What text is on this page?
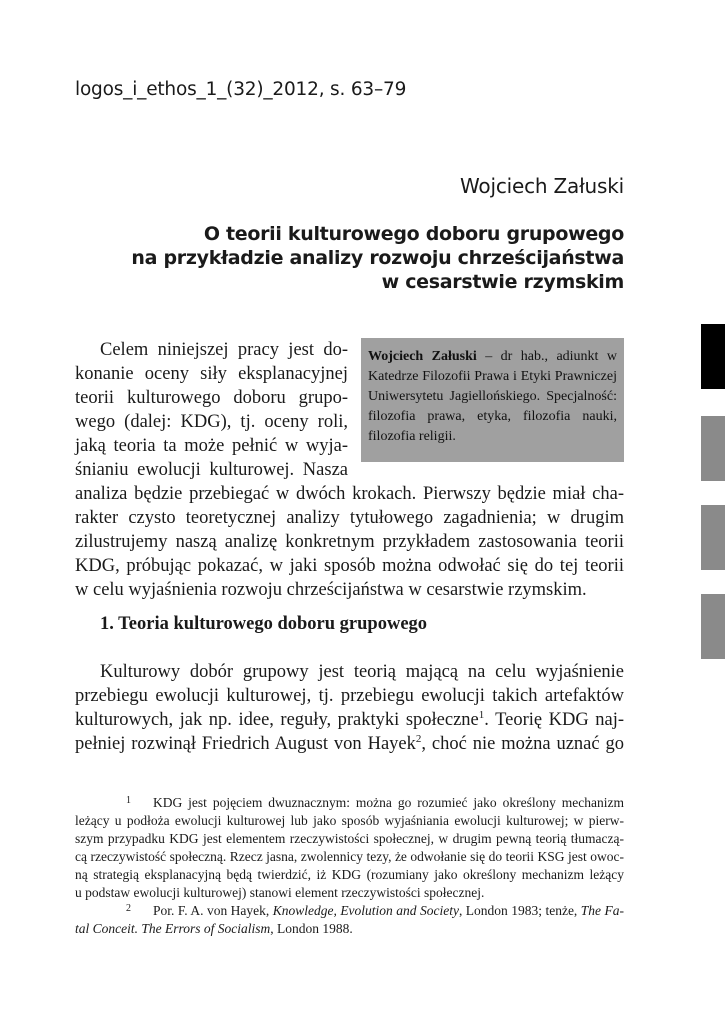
logos_i_ethos_1_(32)_2012, s. 63–79
Wojciech Załuski
O teorii kulturowego doboru grupowego
na przykładzie analizy rozwoju chrześcijaństwa
w cesarstwie rzymskim
Wojciech Załuski – dr hab., adiunkt w Katedrze Filozofii Prawa i Etyki Prawniczej Uniwersytetu Jagiellońskiego. Specjalność: filozofia prawa, etyka, filozofia nauki, filozofia religii.
Celem niniejszej pracy jest do-
konanie oceny siły eksplanacyjnej
teorii kulturowego doboru grupo-
wego (dalej: KDG), tj. oceny roli,
jaką teoria ta może pełnić w wyja-
śnianiu ewolucji kulturowej. Nasza
analiza będzie przebiegać w dwóch krokach. Pierwszy będzie miał cha-
rakter czysto teoretycznej analizy tytułowego zagadnienia; w drugim
zilustrujemy naszą analizę konkretnym przykładem zastosowania teorii
KDG, próbując pokazać, w jaki sposób można odwołać się do tej teorii
w celu wyjaśnienia rozwoju chrześcijaństwa w cesarstwie rzymskim.
1. Teoria kulturowego doboru grupowego
Kulturowy dobór grupowy jest teorią mającą na celu wyjaśnienie
przebiegu ewolucji kulturowej, tj. przebiegu ewolucji takich artefaktów
kulturowych, jak np. idee, reguły, praktyki społeczne$^1$. Teorię KDG naj-
pełniej rozwinął Friedrich August von Hayek$^2$, choć nie można uznać go
1 KDG jest pojęciem dwuznacznym: można go rozumieć jako określony mechanizm
leżący u podłoża ewolucji kulturowej lub jako sposób wyjaśniania ewolucji kulturowej; w pierw-
szym przypadku KDG jest elementem rzeczywistości społecznej, w drugim pewną teorią tłumaczą-
cą rzeczywistość społeczną. Rzecz jasna, zwolennicy tezy, że odwołanie się do teorii KSG jest owoc-
ną strategią eksplanacyjną będą twierdzić, iż KDG (rozumiany jako określony mechanizm leżący
u podstaw ewolucji kulturowej) stanowi element rzeczywistości społecznej.
2 Por. F. A. von Hayek, Knowledge, Evolution and Society, London 1983; tenże, The Fa-
tal Conceit. The Errors of Socialism, London 1988.
